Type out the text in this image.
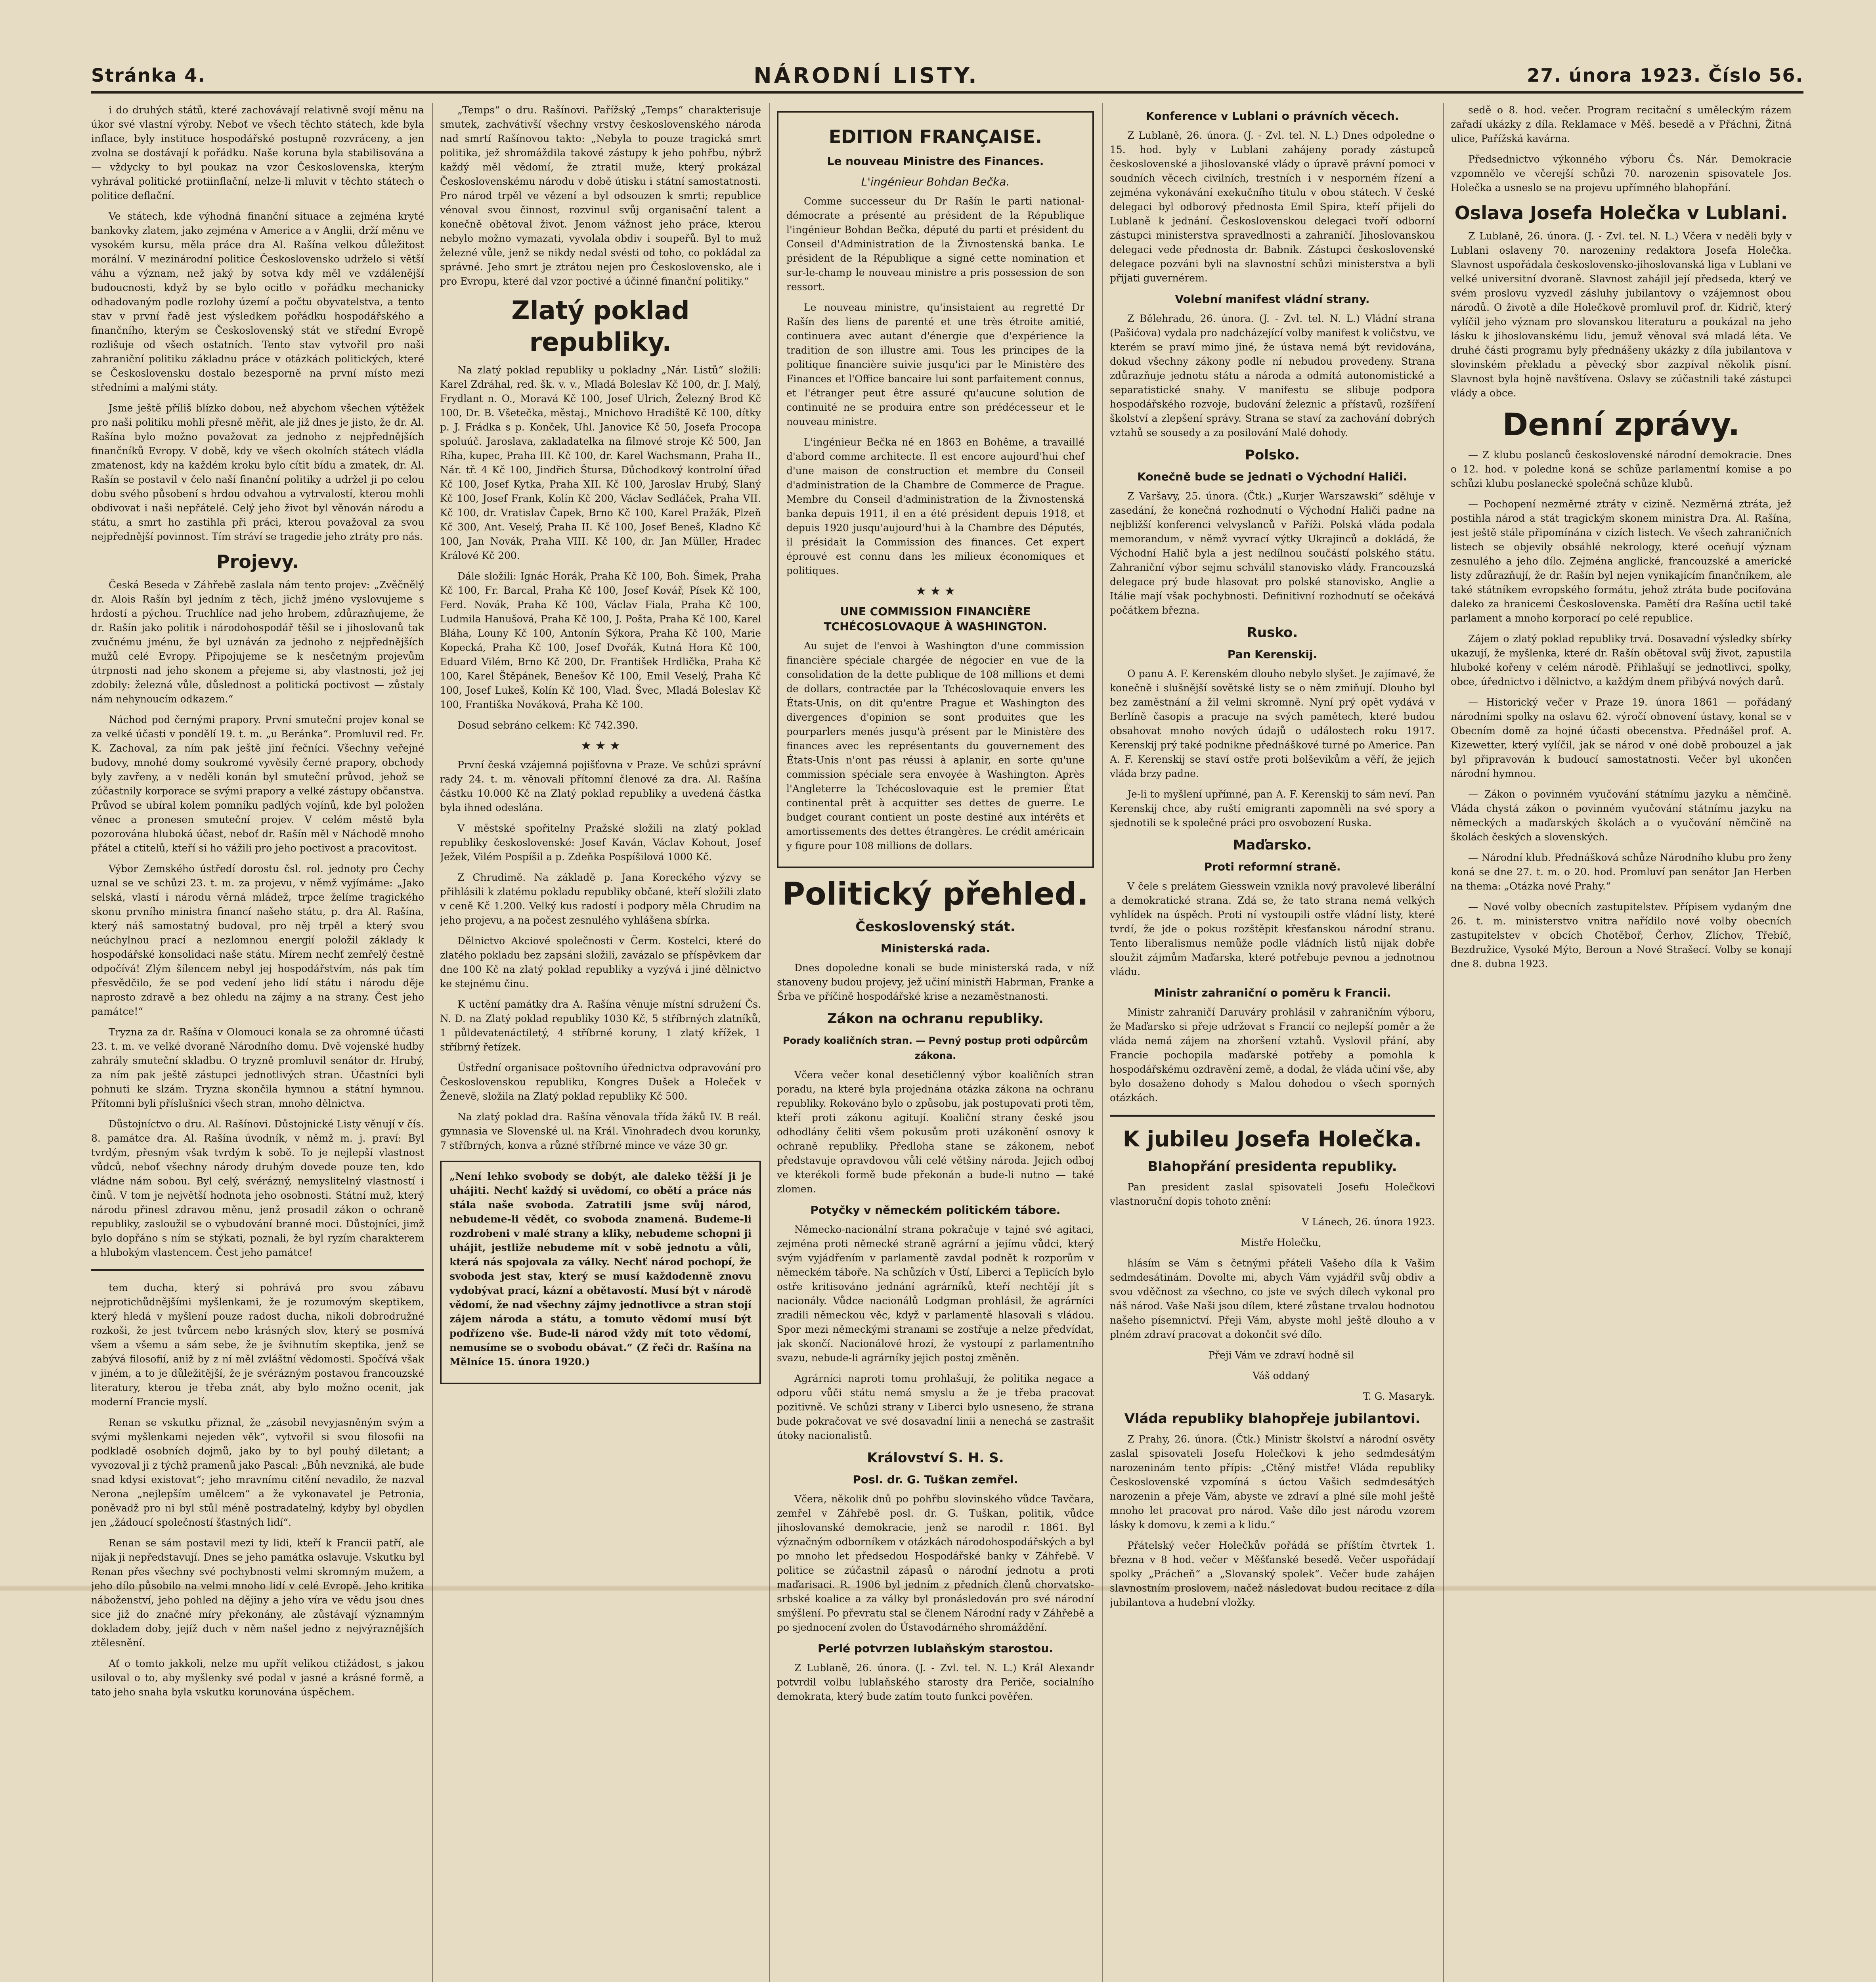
Stránka 4.	NÁRODNÍ LISTY.	27. února 1923. Číslo 56.

i do druhých států, které zachovávají relativně svojí měnu na úkor své vlastní výroby. Neboť ve všech těchto státech, kde byla inflace, byly instituce hospodářské postupně rozvráceny, a jen zvolna se dostávají k pořádku. Naše koruna byla stabilisována a — vždycky to byl poukaz na vzor Československa, kterým vyhrával politické protiinflační, nelze-li mluvit v těchto státech o politice deflační.

Ve státech, kde výhodná finanční situace a zejména kryté bankovky zlatem, jako zejména v Americe a v Anglii, drží měnu ve vysokém kursu, měla práce dra Al. Rašína velkou důležitost morální. V mezinárodní politice Československo udrželo si větší váhu a význam, než jaký by sotva kdy měl ve vzdálenější budoucnosti, když by se bylo ocitlo v pořádku mechanicky odhadovaným podle rozlohy území a počtu obyvatelstva, a tento stav v první řadě jest výsledkem pořádku hospodářského a finančního, kterým se Československý stát ve střední Evropě rozlišuje od všech ostatních. Tento stav vytvořil pro naši zahraniční politiku základnu práce v otázkách politických, které se Československu dostalo bezesporně na první místo mezi středními a malými státy.

Jsme ještě příliš blízko dobou, než abychom všechen výtěžek pro naši politiku mohli přesně měřit, ale již dnes je jisto, že dr. Al. Rašína bylo možno považovat za jednoho z nejpřednějších finančníků Evropy. V době, kdy ve všech okolních státech vládla zmatenost, kdy na každém kroku bylo cítit bídu a zmatek, dr. Al. Rašín se postavil v čelo naší finanční politiky a udržel ji po celou dobu svého působení s hrdou odvahou a vytrvalostí, kterou mohli obdivovat i naši nepřátelé. Celý jeho život byl věnován národu a státu, a smrt ho zastihla při práci, kterou považoval za svou nejpřednější povinnost. Tím stráví se tragedie jeho ztráty pro nás.

Projevy.

Česká Beseda v Záhřebě zaslala nám tento projev: „Zvěčnělý dr. Alois Rašín byl jedním z těch, jichž jméno vyslovujeme s hrdostí a pýchou. Truchlíce nad jeho hrobem, zdůrazňujeme, že dr. Rašín jako politik i národohospodář těšil se i jihoslovanů tak zvučnému jménu, že byl uznáván za jednoho z nejpřednějších mužů celé Evropy. Připojujeme se k nesčetným projevům útrpnosti nad jeho skonem a přejeme si, aby vlastnosti, jež jej zdobily: železná vůle, důslednost a politická poctivost — zůstaly nám nehynoucím odkazem.“

Náchod pod černými prapory. První smuteční projev konal se za velké účasti v pondělí 19. t. m. „u Beránka“. Promluvil red. Fr. K. Zachoval, za ním pak ještě jiní řečníci. Všechny veřejné budovy, mnohé domy soukromé vyvěsily černé prapory, obchody byly zavřeny, a v neděli konán byl smuteční průvod, jehož se zúčastnily korporace se svými prapory a velké zástupy občanstva. Průvod se ubíral kolem pomníku padlých vojínů, kde byl položen věnec a pronesen smuteční projev. V celém městě byla pozorována hluboká účast, neboť dr. Rašín měl v Náchodě mnoho přátel a ctitelů, kteří si ho vážili pro jeho poctivost a pracovitost.

Výbor Zemského ústředí dorostu čsl. rol. jednoty pro Čechy uznal se ve schůzi 23. t. m. za projevu, v němž vyjímáme: „Jako selská, vlastí i národu věrná mládež, trpce želíme tragického skonu prvního ministra financí našeho státu, p. dra Al. Rašína, který náš samostatný budoval, pro něj trpěl a který svou neúchylnou prací a nezlomnou energií položil základy k hospodářské konsolidaci naše státu. Mírem nechť zemřelý čestně odpočívá! Zlým šílencem nebyl jej hospodářstvím, nás pak tím přesvědčilo, že se pod vedení jeho lidí státu i národu děje naprosto zdravě a bez ohledu na zájmy a na strany. Čest jeho památce!“

Tryzna za dr. Rašína v Olomouci konala se za ohromné účasti 23. t. m. ve velké dvoraně Národního domu. Dvě vojenské hudby zahrály smuteční skladbu. O tryzně promluvil senátor dr. Hrubý, za ním pak ještě zástupci jednotlivých stran. Účastníci byli pohnuti ke slzám. Tryzna skončila hymnou a státní hymnou. Přítomni byli příslušníci všech stran, mnoho dělnictva.

Důstojníctvo o dru. Al. Rašínovi. Důstojnické Listy věnují v čís. 8. památce dra. Al. Rašína úvodník, v němž m. j. praví: Byl tvrdým, přesným však tvrdým k sobě. To je nejlepší vlastnost vůdců, neboť všechny národy druhým dovede pouze ten, kdo vládne nám sobou. Byl celý, svérázný, nemyslitelný vlastností i činů. V tom je největší hodnota jeho osobnosti. Státní muž, který národu přinesl zdravou měnu, jenž prosadil zákon o ochraně republiky, zasloužil se o vybudování branné moci. Důstojníci, jimž bylo dopřáno s ním se stýkati, poznali, že byl ryzím charakterem a hlubokým vlastencem. Čest jeho památce!

tem ducha, který si pohrává pro svou zábavu nejprotichůdnějšími myšlenkami, že je rozumovým skeptikem, který hledá v myšlení pouze radost ducha, nikoli dobrodružné rozkoši, že jest tvůrcem nebo krásných slov, který se posmívá všem a všemu a sám sebe, že je švihnutím skeptika, jenž se zabývá filosofií, aniž by z ní měl zvláštní vědomosti. Spočívá však v jiném, a to je důležitější, že je svérázným postavou francouzské literatury, kterou je třeba znát, aby bylo možno ocenit, jak moderní Francie myslí.

Renan se vskutku přiznal, že „zásobil nevyjasněným svým a svými myšlenkami nejeden věk“, vytvořil si svou filosofii na podkladě osobních dojmů, jako by to byl pouhý diletant; a vyvozoval ji z týchž pramenů jako Pascal: „Bůh nevzniká, ale bude snad kdysi existovat“; jeho mravnímu citění nevadilo, že nazval Nerona „nejlepším umělcem“ a že vykonavatel je Petronia, poněvadž pro ni byl stůl méně postradatelný, kdyby byl obydlen jen „žádoucí společností šťastných lidí“.

Renan se sám postavil mezi ty lidi, kteří k Francii patří, ale nijak ji nepředstavují. Dnes se jeho památka oslavuje. Vskutku byl Renan přes všechny své pochybnosti velmi skromným mužem, a jeho dílo působilo na velmi mnoho lidí v celé Evropě. Jeho kritika náboženství, jeho pohled na dějiny a jeho víra ve vědu jsou dnes sice již do značné míry překonány, ale zůstávají významným dokladem doby, jejíž duch v něm našel jedno z nejvýraznějších ztělesnění.

Ať o tomto jakkoli, nelze mu upřít velikou ctižádost, s jakou usiloval o to, aby myšlenky své podal v jasné a krásné formě, a tato jeho snaha byla vskutku korunována úspěchem.

„Temps“ o dru. Rašínovi. Pařížský „Temps“ charakterisuje smutek, zachvátivší všechny vrstvy československého národa nad smrtí Rašínovou takto: „Nebyla to pouze tragická smrt politika, jež shromáždila takové zástupy k jeho pohřbu, nýbrž každý měl vědomí, že ztratil muže, který prokázal Československému národu v době útisku i státní samostatnosti. Pro národ trpěl ve vězení a byl odsouzen k smrti; republice vénoval svou činnost, rozvinul svůj organisační talent a konečně obětoval život. Jenom vážnost jeho práce, kterou nebylo možno vymazati, vyvolala obdiv i soupeřů. Byl to muž železné vůle, jenž se nikdy nedal svésti od toho, co pokládal za správné. Jeho smrt je ztrátou nejen pro Československo, ale i pro Evropu, které dal vzor poctivé a účinné finanční politiky.“

Zlatý poklad republiky.

Na zlatý poklad republiky u pokladny „Nár. Listů“ složili: Karel Zdráhal, red. šk. v. v., Mladá Boleslav Kč 100, dr. J. Malý, Frydlant n. O., Moravá Kč 100, Josef Ulrich, Železný Brod Kč 100, Dr. B. Všetečka, městaj., Mnichovo Hradiště Kč 100, dítky p. J. Frádka s p. Konček, Uhl. Janovice Kč 50, Josefa Procopa spoluúč. Jaroslava, zakladatelka na filmové stroje Kč 500, Jan Ríha, kupec, Praha III. Kč 100, dr. Karel Wachsmann, Praha II., Nár. tř. 4 Kč 100, Jindřich Štursa, Důchodkový kontrolní úřad Kč 100, Josef Kytka, Praha XII. Kč 100, Jaroslav Hrubý, Slaný Kč 100, Josef Frank, Kolín Kč 200, Václav Sedláček, Praha VII. Kč 100, dr. Vratislav Čapek, Brno Kč 100, Karel Pražák, Plzeň Kč 300, Ant. Veselý, Praha II. Kč 100, Josef Beneš, Kladno Kč 100, Jan Novák, Praha VIII. Kč 100, dr. Jan Müller, Hradec Králové Kč 200.

Dále složili: Ignác Horák, Praha Kč 100, Boh. Šimek, Praha Kč 100, Fr. Barcal, Praha Kč 100, Josef Kovář, Písek Kč 100, Ferd. Novák, Praha Kč 100, Václav Fiala, Praha Kč 100, Ludmila Hanušová, Praha Kč 100, J. Pošta, Praha Kč 100, Karel Bláha, Louny Kč 100, Antonín Sýkora, Praha Kč 100, Marie Kopecká, Praha Kč 100, Josef Dvořák, Kutná Hora Kč 100, Eduard Vilém, Brno Kč 200, Dr. František Hrdlička, Praha Kč 100, Karel Štěpánek, Benešov Kč 100, Emil Veselý, Praha Kč 100, Josef Lukeš, Kolín Kč 100, Vlad. Švec, Mladá Boleslav Kč 100, Františka Nováková, Praha Kč 100.

Dosud sebráno celkem: Kč 742.390.

★ ★ ★

První česká vzájemná pojišťovna v Praze. Ve schůzi správní rady 24. t. m. věnovali přítomní členové za dra. Al. Rašína částku 10.000 Kč na Zlatý poklad republiky a uvedená částka byla ihned odeslána.

V městské spořitelny Pražské složili na zlatý poklad republiky československé: Josef Kaván, Václav Kohout, Josef Ježek, Vilém Pospíšil a p. Zdeňka Pospíšilová 1000 Kč.

Z Chrudimě. Na základě p. Jana Koreckého výzvy se přihlásili k zlatému pokladu republiky občané, kteří složili zlato v ceně Kč 1.200. Velký kus radostí i podpory měla Chrudim na jeho projevu, a na počest zesnulého vyhlášena sbírka.

Dělnictvo Akciové společnosti v Čerm. Kostelci, které do zlatého pokladu bez zapsáni složili, zavázalo se příspěvkem dar dne 100 Kč na zlatý poklad republiky a vyzývá i jiné dělnictvo ke stejnému činu.

K uctění památky dra A. Rašína věnuje místní sdružení Čs. N. D. na Zlatý poklad republiky 1030 Kč, 5 stříbrných zlatníků, 1 půldevatenáctiletý, 4 stříbrné koruny, 1 zlatý křížek, 1 stříbrný řetízek.

Ústřední organisace poštovního úřednictva odpravování pro Československou republiku, Kongres Dušek a Holeček v Ženevě, složila na Zlatý poklad republiky Kč 500.

Na zlatý poklad dra. Rašína věnovala třída žáků IV. B reál. gymnasia ve Slovenské ul. na Král. Vinohradech dvou korunky, 7 stříbrných, konva a různé stříbrné mince ve váze 30 gr.

„Není lehko svobody se dobýt, ale daleko těžší ji je uhájiti. Nechť každý si uvědomí, co obětí a práce nás stála naše svoboda. Zatratili jsme svůj národ, nebudeme-li vědět, co svoboda znamená. Budeme-li rozdrobeni v malé strany a kliky, nebudeme schopni ji uhájit, jestliže nebudeme mít v sobě jednotu a vůli, která nás spojovala za války. Nechť národ pochopí, že svoboda jest stav, který se musí každodenně znovu vydobývat prací, kázní a obětavostí. Musí být v národě vědomí, že nad všechny zájmy jednotlivce a stran stojí zájem národa a státu, a tomuto vědomí musí být podřízeno vše. Bude-li národ vždy mít toto vědomí, nemusíme se o svobodu obávat.“ (Z řeči dr. Rašína na Mělníce 15. února 1920.)

EDITION FRANÇAISE.
Le nouveau Ministre des Finances.
L'ingénieur Bohdan Bečka.

Comme successeur du Dr Rašín le parti national-démocrate a présenté au président de la République l'ingénieur Bohdan Bečka, député du parti et président du Conseil d'Administration de la Živnostenská banka. Le président de la République a signé cette nomination et sur-le-champ le nouveau ministre a pris possession de son ressort.

Le nouveau ministre, qu'insistaient au regretté Dr Rašín des liens de parenté et une très étroite amitié, continuera avec autant d'énergie que d'expérience la tradition de son illustre ami. Tous les principes de la politique financière suivie jusqu'ici par le Ministère des Finances et l'Office bancaire lui sont parfaitement connus, et l'étranger peut être assuré qu'aucune solution de continuité ne se produira entre son prédécesseur et le nouveau ministre.

L'ingénieur Bečka né en 1863 en Bohême, a travaillé d'abord comme architecte. Il est encore aujourd'hui chef d'une maison de construction et membre du Conseil d'administration de la Chambre de Commerce de Prague. Membre du Conseil d'administration de la Živnostenská banka depuis 1911, il en a été président depuis 1918, et depuis 1920 jusqu'aujourd'hui à la Chambre des Députés, il présidait la Commission des finances. Cet expert éprouvé est connu dans les milieux économiques et politiques.

★ ★ ★
UNE COMMISSION FINANCIÈRE TCHÉCOSLOVAQUE À WASHINGTON.

Au sujet de l'envoi à Washington d'une commission financière spéciale chargée de négocier en vue de la consolidation de la dette publique de 108 millions et demi de dollars, contractée par la Tchécoslovaquie envers les États-Unis, on dit qu'entre Prague et Washington des divergences d'opinion se sont produites que les pourparlers menés jusqu'à présent par le Ministère des finances avec les représentants du gouvernement des États-Unis n'ont pas réussi à aplanir, en sorte qu'une commission spéciale sera envoyée à Washington. Après l'Angleterre la Tchécoslovaquie est le premier État continental prêt à acquitter ses dettes de guerre. Le budget courant contient un poste destiné aux intérêts et amortissements des dettes étrangères. Le crédit américain y figure pour 108 millions de dollars.

Politický přehled.
Československý stát.
Ministerská rada.

Dnes dopoledne konali se bude ministerská rada, v níž stanoveny budou projevy, jež učiní ministři Habrman, Franke a Šrba ve příčině hospodářské krise a nezaměstnanosti.

Zákon na ochranu republiky.
Porady koaličních stran. — Pevný postup proti odpůrcům zákona.

Včera večer konal desetičlenný výbor koaličních stran poradu, na které byla projednána otázka zákona na ochranu republiky. Rokováno bylo o způsobu, jak postupovati proti těm, kteří proti zákonu agitují. Koaliční strany české jsou odhodlány čeliti všem pokusům proti uzákonění osnovy k ochraně republiky. Předloha stane se zákonem, neboť představuje opravdovou vůli celé většiny národa. Jejich odboj ve kterékoli formě bude překonán a bude-li nutno — také zlomen.

Potyčky v německém politickém tábore.

Německo-nacionální strana pokračuje v tajné své agitaci, zejména proti německé straně agrární a jejímu vůdci, který svým vyjádřením v parlamentě zavdal podnět k rozporům v německém táboře. Na schůzích v Ústí, Liberci a Teplicích bylo ostře kritisováno jednání agrárníků, kteří nechtějí jít s nacionály. Vůdce nacionálů Lodgman prohlásil, že agrárníci zradili německou věc, když v parlamentě hlasovali s vládou. Spor mezi německými stranami se zostřuje a nelze předvídat, jak skončí. Nacionálové hrozí, že vystoupí z parlamentního svazu, nebude-li agrárníky jejich postoj změněn.

Agrárníci naproti tomu prohlašují, že politika negace a odporu vůči státu nemá smyslu a že je třeba pracovat pozitivně. Ve schůzi strany v Liberci bylo usneseno, že strana bude pokračovat ve své dosavadní linii a nenechá se zastrašit útoky nacionalistů.

Království S. H. S.
Posl. dr. G. Tuškan zemřel.

Včera, několik dnů po pohřbu slovinského vůdce Tavčara, zemřel v Záhřebě posl. dr. G. Tuškan, politik, vůdce jihoslovanské demokracie, jenž se narodil r. 1861. Byl význačným odborníkem v otázkách národohospodářských a byl po mnoho let předsedou Hospodářské banky v Záhřebě. V politice se zúčastnil zápasů o národní jednotu a proti maďarisaci. R. 1906 byl jedním z předních členů chorvatsko-srbské koalice a za války byl pronásledován pro své národní smýšlení. Po převratu stal se členem Národní rady v Záhřebě a po sjednocení zvolen do Ústavodárného shromáždění.

Perlé potvrzen lublaňským starostou.

Z Lublaně, 26. února. (J. - Zvl. tel. N. L.) Král Alexandr potvrdil volbu lublaňského starosty dra Periče, socialního demokrata, který bude zatím touto funkci pověřen.

Konference v Lublani o právních věcech.

Z Lublaně, 26. února. (J. - Zvl. tel. N. L.) Dnes odpoledne o 15. hod. byly v Lublani zahájeny porady zástupců československé a jihoslovanské vlády o úpravě právní pomoci v soudních věcech civilních, trestních i v nesporném řízení a zejména vykonávání exekučního titulu v obou státech. V české delegaci byl odborový přednosta Emil Spira, kteří přijeli do Lublaně k jednání. Československou delegaci tvoří odborní zástupci ministerstva spravedlnosti a zahraničí. Jihoslovanskou delegaci vede přednosta dr. Babnik. Zástupci československé delegace pozváni byli na slavnostní schůzi ministerstva a byli přijati guvernérem.

Volební manifest vládní strany.

Z Bělehradu, 26. února. (J. - Zvl. tel. N. L.) Vládní strana (Pašićova) vydala pro nadcházející volby manifest k voličstvu, ve kterém se praví mimo jiné, že ústava nemá být revidována, dokud všechny zákony podle ní nebudou provedeny. Strana zdůrazňuje jednotu státu a národa a odmítá autonomistické a separatistické snahy. V manifestu se slibuje podpora hospodářského rozvoje, budování železnic a přístavů, rozšíření školství a zlepšení správy. Strana se staví za zachování dobrých vztahů se sousedy a za posilování Malé dohody.

Polsko.
Konečně bude se jednati o Východní Haliči.

Z Varšavy, 25. února. (Čtk.) „Kurjer Warszawski“ sděluje v zasedání, že konečná rozhodnutí o Východní Haliči padne na nejbližší konferenci velvyslanců v Paříži. Polská vláda podala memorandum, v němž vyvrací výtky Ukrajinců a dokládá, že Východní Halič byla a jest nedílnou součástí polského státu. Zahraniční výbor sejmu schválil stanovisko vlády. Francouzská delegace prý bude hlasovat pro polské stanovisko, Anglie a Itálie mají však pochybnosti. Definitivní rozhodnutí se očekává počátkem března.

Rusko.
Pan Kerenskij.

O panu A. F. Kerenském dlouho nebylo slyšet. Je zajímavé, že konečně i slušnější sovětské listy se o něm zmiňují. Dlouho byl bez zaměstnání a žil velmi skromně. Nyní prý opět vydává v Berlíně časopis a pracuje na svých pamětech, které budou obsahovat mnoho nových údajů o událostech roku 1917. Kerenskij prý také podnikne přednáškové turné po Americe. Pan A. F. Kerenskij se staví ostře proti bolševikům a věří, že jejich vláda brzy padne.

Je-li to myšlení upřímné, pan A. F. Kerenskij to sám neví. Pan Kerenskij chce, aby ruští emigranti zapomněli na své spory a sjednotili se k společné práci pro osvobození Ruska.

Maďarsko.
Proti reformní straně.

V čele s prelátem Giesswein vznikla nový pravolevé liberální a demokratické strana. Zdá se, že tato strana nemá velkých vyhlídek na úspěch. Proti ní vystoupili ostře vládní listy, které tvrdí, že jde o pokus rozštěpit křesťanskou národní stranu. Tento liberalismus nemůže podle vládních listů nijak dobře sloužit zájmům Maďarska, které potřebuje pevnou a jednotnou vládu.

Ministr zahraniční o poměru k Francii.

Ministr zahraničí Daruváry prohlásil v zahraničním výboru, že Maďarsko si přeje udržovat s Francií co nejlepší poměr a že vláda nemá zájem na zhoršení vztahů. Vyslovil přání, aby Francie pochopila maďarské potřeby a pomohla k hospodářskému ozdravění země, a dodal, že vláda učiní vše, aby bylo dosaženo dohody s Malou dohodou o všech sporných otázkách.

K jubileu Josefa Holečka.
Blahopřání presidenta republiky.

Pan president zaslal spisovateli Josefu Holečkovi vlastnoruční dopis tohoto znění:

V Lánech, 26. února 1923.

Mistře Holečku,

hlásím se Vám s četnými přáteli Vašeho díla k Vašim sedmdesátinám. Dovolte mi, abych Vám vyjádřil svůj obdiv a svou vděčnost za všechno, co jste ve svých dílech vykonal pro náš národ. Vaše Naši jsou dílem, které zůstane trvalou hodnotou našeho písemnictví. Přeji Vám, abyste mohl ještě dlouho a v plném zdraví pracovat a dokončit své dílo.

Přeji Vám ve zdraví hodně sil

Váš oddaný

T. G. Masaryk.

Vláda republiky blahopřeje jubilantovi.

Z Prahy, 26. února. (Čtk.) Ministr školství a národní osvěty zaslal spisovateli Josefu Holečkovi k jeho sedmdesátým narozeninám tento přípis: „Ctěný mistře! Vláda republiky Československé vzpomíná s úctou Vašich sedmdesátých narozenin a přeje Vám, abyste ve zdraví a plné síle mohl ještě mnoho let pracovat pro národ. Vaše dílo jest národu vzorem lásky k domovu, k zemi a k lidu.“

Přátelský večer Holečkův pořádá se příštím čtvrtek 1. března v 8 hod. večer v Měšťanské besedě. Večer uspořádají spolky „Prácheň“ a „Slovanský spolek“. Večer bude zahájen slavnostním proslovem, načež následovat budou recitace z díla jubilantova a hudební vložky.

sedě o 8. hod. večer. Program recitační s uměleckým rázem zařadí ukázky z díla. Reklamace v Měš. besedě a v Přáchni, Žitná ulice, Pařížská kavárna.

Předsednictvo výkonného výboru Čs. Nár. Demokracie vzpomnělo ve včerejší schůzi 70. narozenin spisovatele Jos. Holečka a usneslo se na projevu upřímného blahopřání.

Oslava Josefa Holečka v Lublani.

Z Lublaně, 26. února. (J. - Zvl. tel. N. L.) Včera v neděli byly v Lublani oslaveny 70. narozeniny redaktora Josefa Holečka. Slavnost uspořádala československo-jihoslovanská liga v Lublani ve velké universitní dvoraně. Slavnost zahájil její předseda, který ve svém proslovu vyzvedl zásluhy jubilantovy o vzájemnost obou národů. O životě a díle Holečkově promluvil prof. dr. Kidrič, který vylíčil jeho význam pro slovanskou literaturu a poukázal na jeho lásku k jihoslovanskému lidu, jemuž věnoval svá mladá léta. Ve druhé části programu byly přednášeny ukázky z díla jubilantova v slovinském překladu a pěvecký sbor zazpíval několik písní. Slavnost byla hojně navštívena. Oslavy se zúčastnili také zástupci vlády a obce.

Denní zprávy.

— Z klubu poslanců československé národní demokracie. Dnes o 12. hod. v poledne koná se schůze parlamentní komise a po schůzi klubu poslanecké společná schůze klubů.

— Pochopení nezměrné ztráty v cizině. Nezměrná ztráta, jež postihla národ a stát tragickým skonem ministra Dra. Al. Rašína, jest ještě stále připomínána v cizích listech. Ve všech zahraničních listech se objevily obsáhlé nekrology, které oceňují význam zesnulého a jeho dílo. Zejména anglické, francouzské a americké listy zdůrazňují, že dr. Rašín byl nejen vynikajícím finančníkem, ale také státníkem evropského formátu, jehož ztráta bude pociťována daleko za hranicemi Československa. Pamětí dra Rašína uctil také parlament a mnoho korporací po celé republice.

Zájem o zlatý poklad republiky trvá. Dosavadní výsledky sbírky ukazují, že myšlenka, které dr. Rašín obětoval svůj život, zapustila hluboké kořeny v celém národě. Přihlašují se jednotlivci, spolky, obce, úřednictvo i dělnictvo, a každým dnem přibývá nových darů.

— Historický večer v Praze 19. února 1861 — pořádaný národními spolky na oslavu 62. výročí obnovení ústavy, konal se v Obecním domě za hojné účasti obecenstva. Přednášel prof. A. Kizewetter, který vylíčil, jak se národ v oné době probouzel a jak byl připravován k budoucí samostatnosti. Večer byl ukončen národní hymnou.

— Zákon o povinném vyučování státnímu jazyku a němčině. Vláda chystá zákon o povinném vyučování státnímu jazyku na německých a maďarských školách a o vyučování němčině na školách českých a slovenských.

— Národní klub. Přednášková schůze Národního klubu pro ženy koná se dne 27. t. m. o 20. hod. Promluví pan senátor Jan Herben na thema: „Otázka nové Prahy.“

— Nové volby obecních zastupitelstev. Přípisem vydaným dne 26. t. m. ministerstvo vnitra nařídilo nové volby obecních zastupitelstev v obcích Chotěboř, Čerhov, Zlíchov, Třebíč, Bezdružice, Vysoké Mýto, Beroun a Nové Strašecí. Volby se konají dne 8. dubna 1923.
